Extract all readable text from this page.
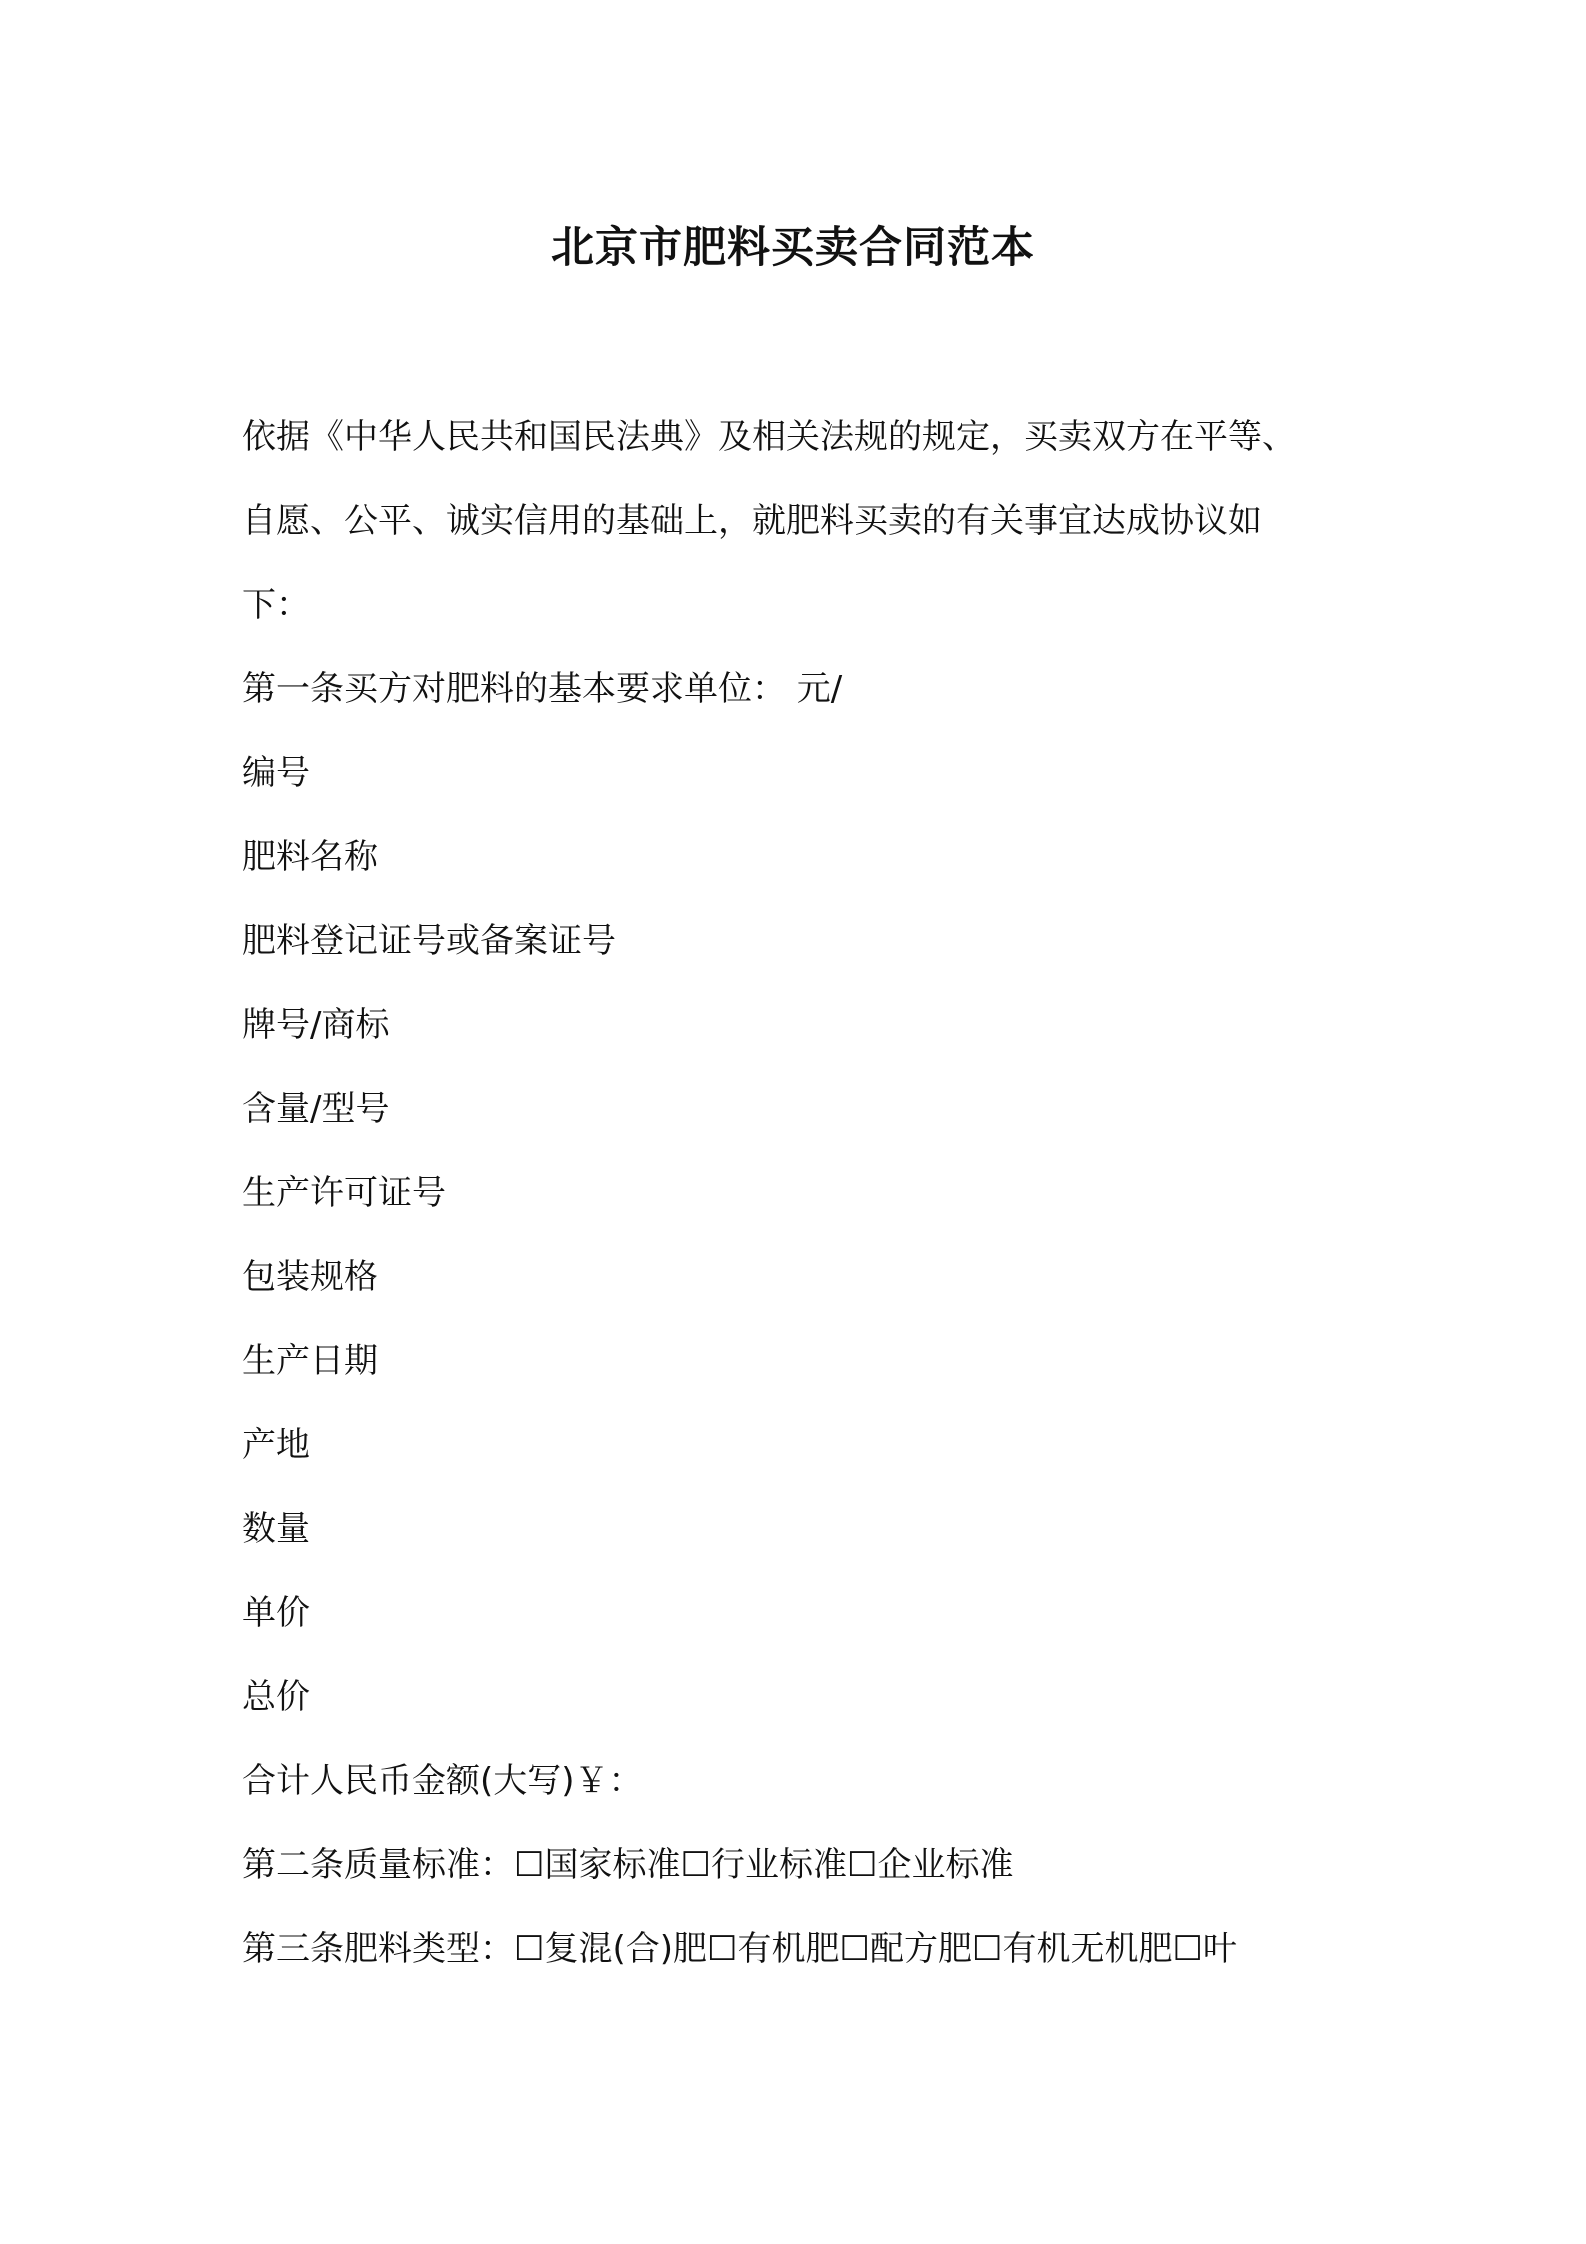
北京市肥料买卖合同范本
依据《中华人民共和国民法典》及相关法规的规定，买卖双方在平等、
自愿、公平、诚实信用的基础上，就肥料买卖的有关事宜达成协议如
下：
第一条买方对肥料的基本要求单位： 元/
编号
肥料名称
肥料登记证号或备案证号
牌号/商标
含量/型号
生产许可证号
包装规格
生产日期
产地
数量
单价
总价
合计人民币金额(大写)￥：
第二条质量标准：☐国家标准☐行业标准☐企业标准
第三条肥料类型：☐复混(合)肥☐有机肥☐配方肥☐有机无机肥☐叶
